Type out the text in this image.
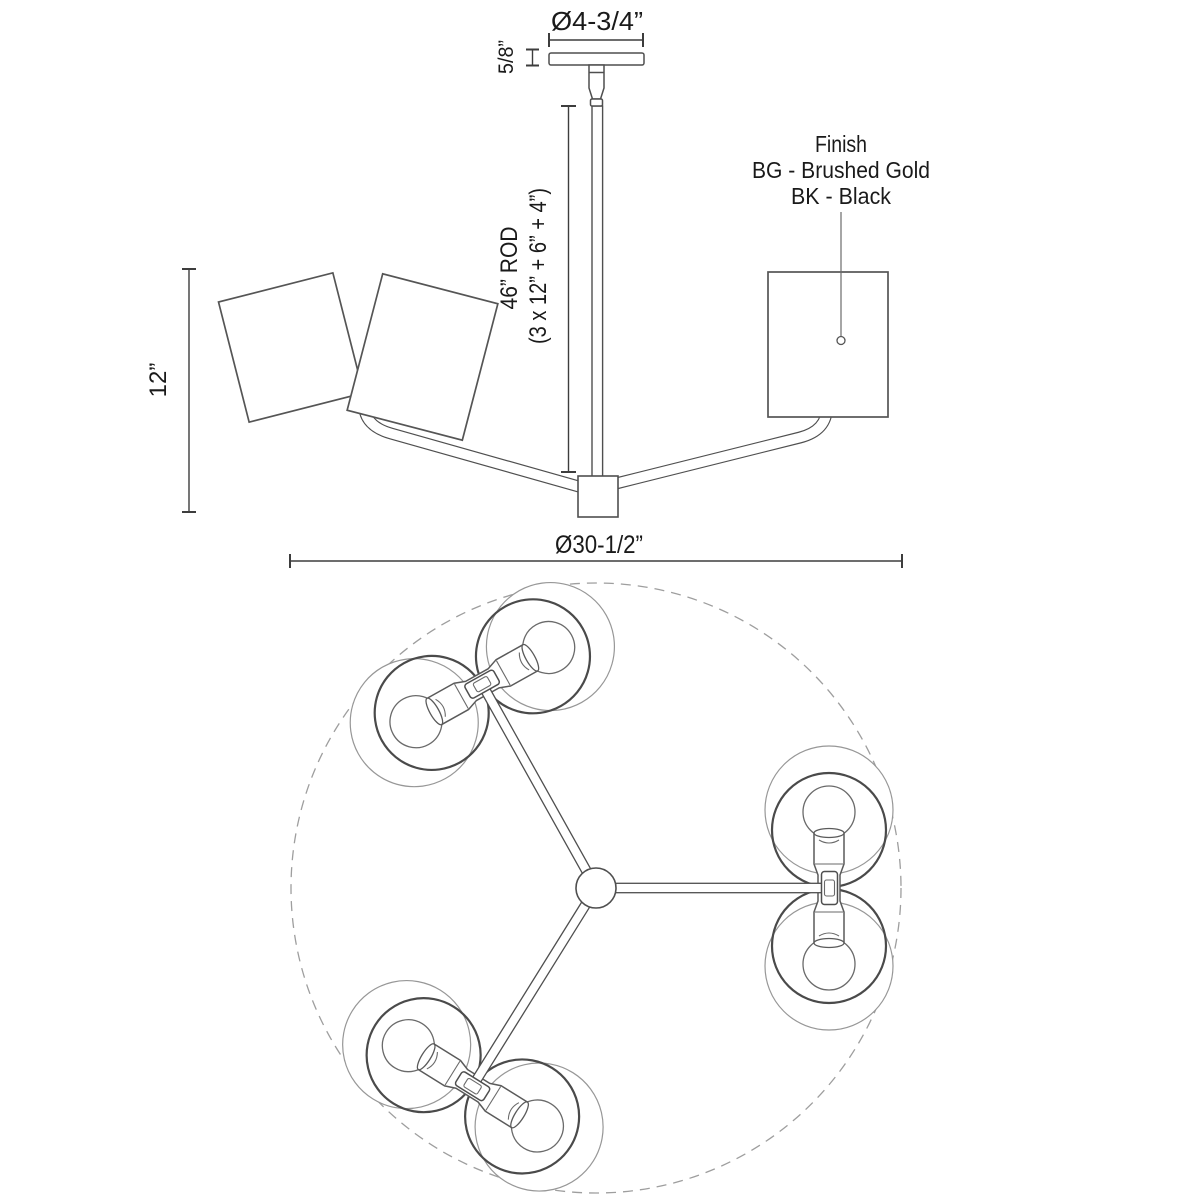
Finish
BG - Brushed Gold
BK - Black
Ø4-3/4”
5/8”
46” ROD (3 x 12” + 6” + 4”)
12”
Ø30-1/2”
